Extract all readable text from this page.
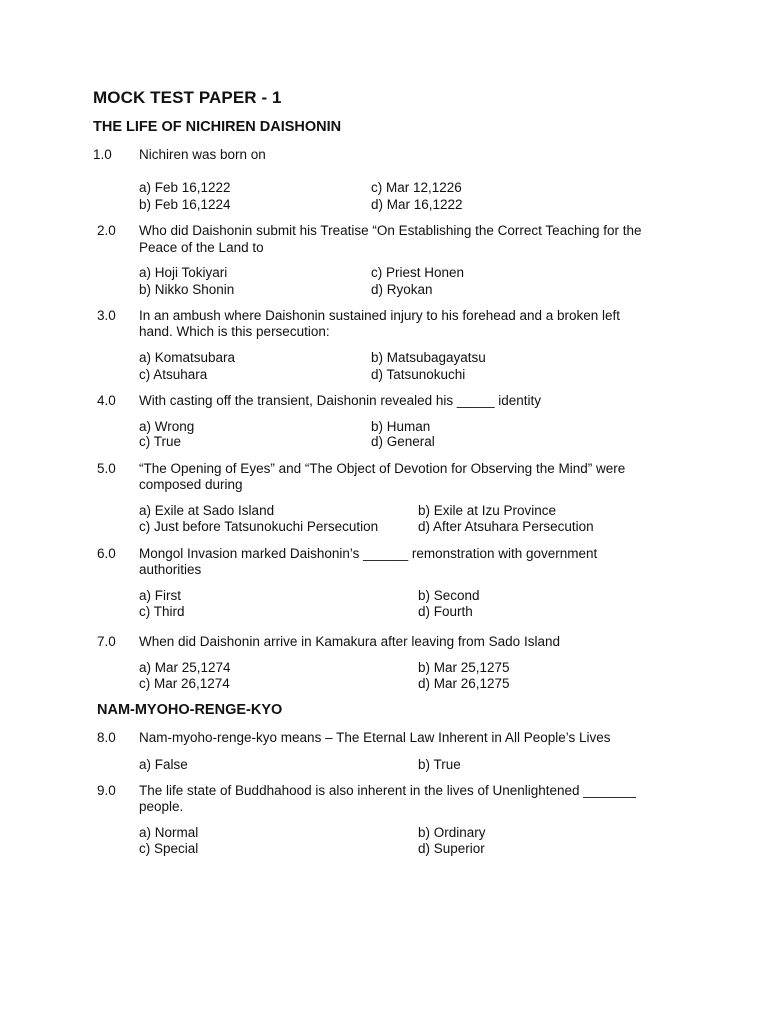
MOCK TEST PAPER - 1
THE LIFE OF NICHIREN DAISHONIN
1.0 Nichiren was born on
a) Feb 16,1222	c) Mar 12,1226
b) Feb 16,1224	d) Mar 16,1222
2.0 Who did Daishonin submit his Treatise “On Establishing the Correct Teaching for the
Peace of the Land to
a) Hoji Tokiyari	c) Priest Honen
b) Nikko Shonin	d) Ryokan
3.0 In an ambush where Daishonin sustained injury to his forehead and a broken left
hand. Which is this persecution:
a) Komatsubara	b) Matsubagayatsu
c) Atsuhara	d) Tatsunokuchi
4.0 With casting off the transient, Daishonin revealed his _____ identity
a) Wrong	b) Human
c) True	d) General
5.0 “The Opening of Eyes” and “The Object of Devotion for Observing the Mind” were
composed during
a) Exile at Sado Island	b) Exile at Izu Province
c) Just before Tatsunokuchi Persecution	d) After Atsuhara Persecution
6.0 Mongol Invasion marked Daishonin’s ______ remonstration with government
authorities
a) First	b) Second
c) Third	d) Fourth
7.0 When did Daishonin arrive in Kamakura after leaving from Sado Island
a) Mar 25,1274	b) Mar 25,1275
c) Mar 26,1274	d) Mar 26,1275
NAM-MYOHO-RENGE-KYO
8.0 Nam-myoho-renge-kyo means – The Eternal Law Inherent in All People’s Lives
a) False	b) True
9.0 The life state of Buddhahood is also inherent in the lives of Unenlightened _______
people.
a) Normal	b) Ordinary
c) Special	d) Superior
